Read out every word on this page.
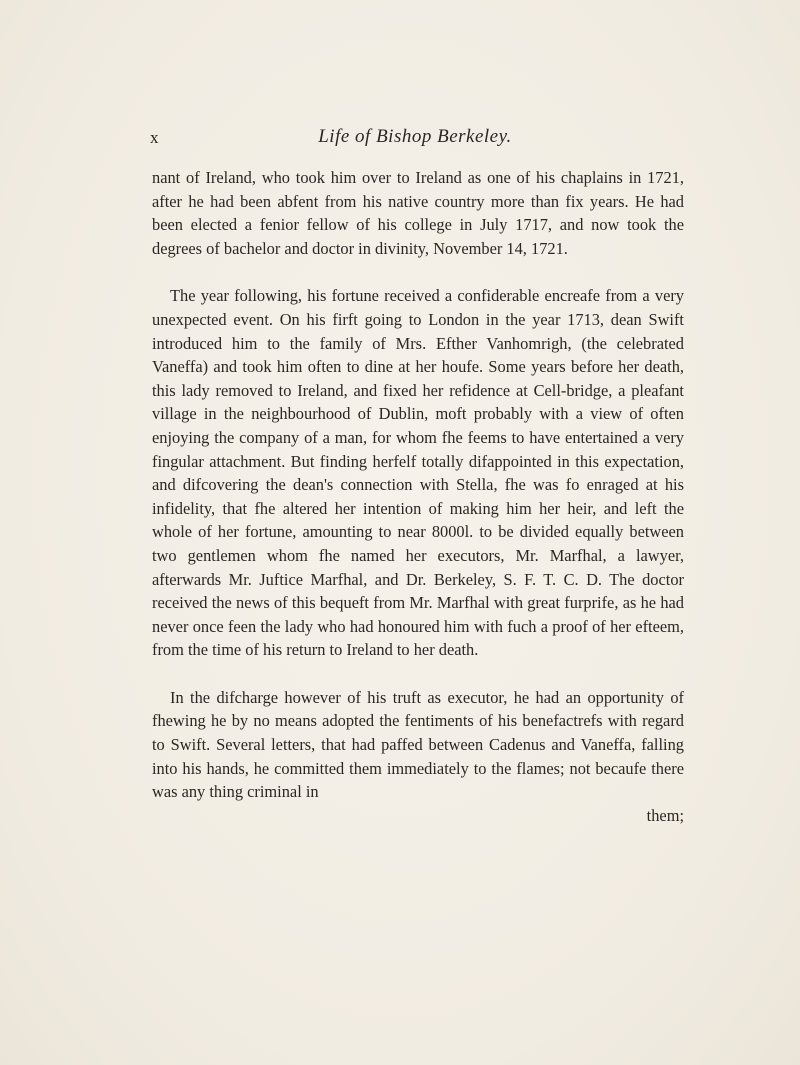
x	Life of Bishop Berkeley.

nant of Ireland, who took him over to Ireland as one of his chaplains in 1721, after he had been abfent from his native country more than fix years. He had been elected a fenior fellow of his college in July 1717, and now took the degrees of bachelor and doctor in divinity, November 14, 1721.

The year following, his fortune received a confiderable encreafe from a very unexpected event. On his firft going to London in the year 1713, dean Swift introduced him to the family of Mrs. Efther Vanhomrigh, (the celebrated Vaneffa) and took him often to dine at her houfe. Some years before her death, this lady removed to Ireland, and fixed her refidence at Cell-bridge, a pleafant village in the neighbourhood of Dublin, moft probably with a view of often enjoying the company of a man, for whom fhe feems to have entertained a very fingular attachment. But finding herfelf totally difappointed in this expectation, and difcovering the dean's connection with Stella, fhe was fo enraged at his infidelity, that fhe altered her intention of making him her heir, and left the whole of her fortune, amounting to near 8000l. to be divided equally between two gentlemen whom fhe named her executors, Mr. Marfhal, a lawyer, afterwards Mr. Juftice Marfhal, and Dr. Berkeley, S. F. T. C. D. The doctor received the news of this bequeft from Mr. Marfhal with great furprife, as he had never once feen the lady who had honoured him with fuch a proof of her efteem, from the time of his return to Ireland to her death.

In the difcharge however of his truft as executor, he had an opportunity of fhewing he by no means adopted the fentiments of his benefactrefs with regard to Swift. Several letters, that had paffed between Cadenus and Vaneffa, falling into his hands, he committed them immediately to the flames; not becaufe there was any thing criminal in

them;
